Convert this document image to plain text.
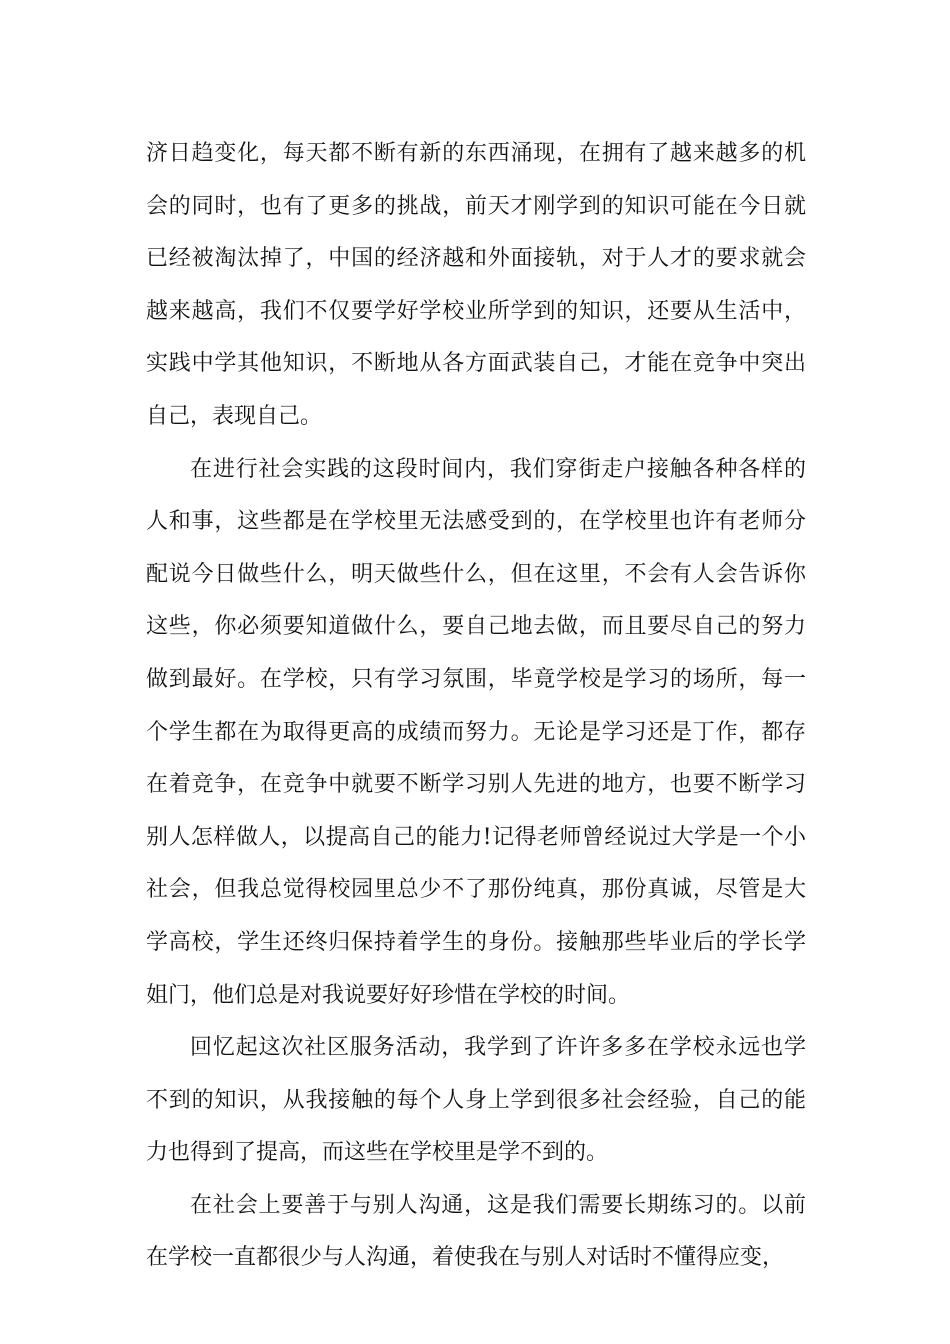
济日趋变化，每天都不断有新的东西涌现，在拥有了越来越多的机
会的同时，也有了更多的挑战，前天才刚学到的知识可能在今日就
已经被淘汰掉了，中国的经济越和外面接轨，对于人才的要求就会
越来越高，我们不仅要学好学校业所学到的知识，还要从生活中，
实践中学其他知识，不断地从各方面武装自己，才能在竞争中突出
自己，表现自己。
在进行社会实践的这段时间内，我们穿街走户接触各种各样的
人和事，这些都是在学校里无法感受到的，在学校里也许有老师分
配说今日做些什么，明天做些什么，但在这里，不会有人会告诉你
这些，你必须要知道做什么，要自己地去做，而且要尽自己的努力
做到最好。在学校，只有学习氛围，毕竟学校是学习的场所，每一
个学生都在为取得更高的成绩而努力。无论是学习还是丁作，都存
在着竞争，在竞争中就要不断学习别人先进的地方，也要不断学习
别人怎样做人，以提高自己的能力!记得老师曾经说过大学是一个小
社会，但我总觉得校园里总少不了那份纯真，那份真诚，尽管是大
学高校，学生还终归保持着学生的身份。接触那些毕业后的学长学
姐门，他们总是对我说要好好珍惜在学校的时间。
回忆起这次社区服务活动，我学到了许许多多在学校永远也学
不到的知识，从我接触的每个人身上学到很多社会经验，自己的能
力也得到了提高，而这些在学校里是学不到的。
在社会上要善于与别人沟通，这是我们需要长期练习的。以前
在学校一直都很少与人沟通，着使我在与别人对话时不懂得应变，
